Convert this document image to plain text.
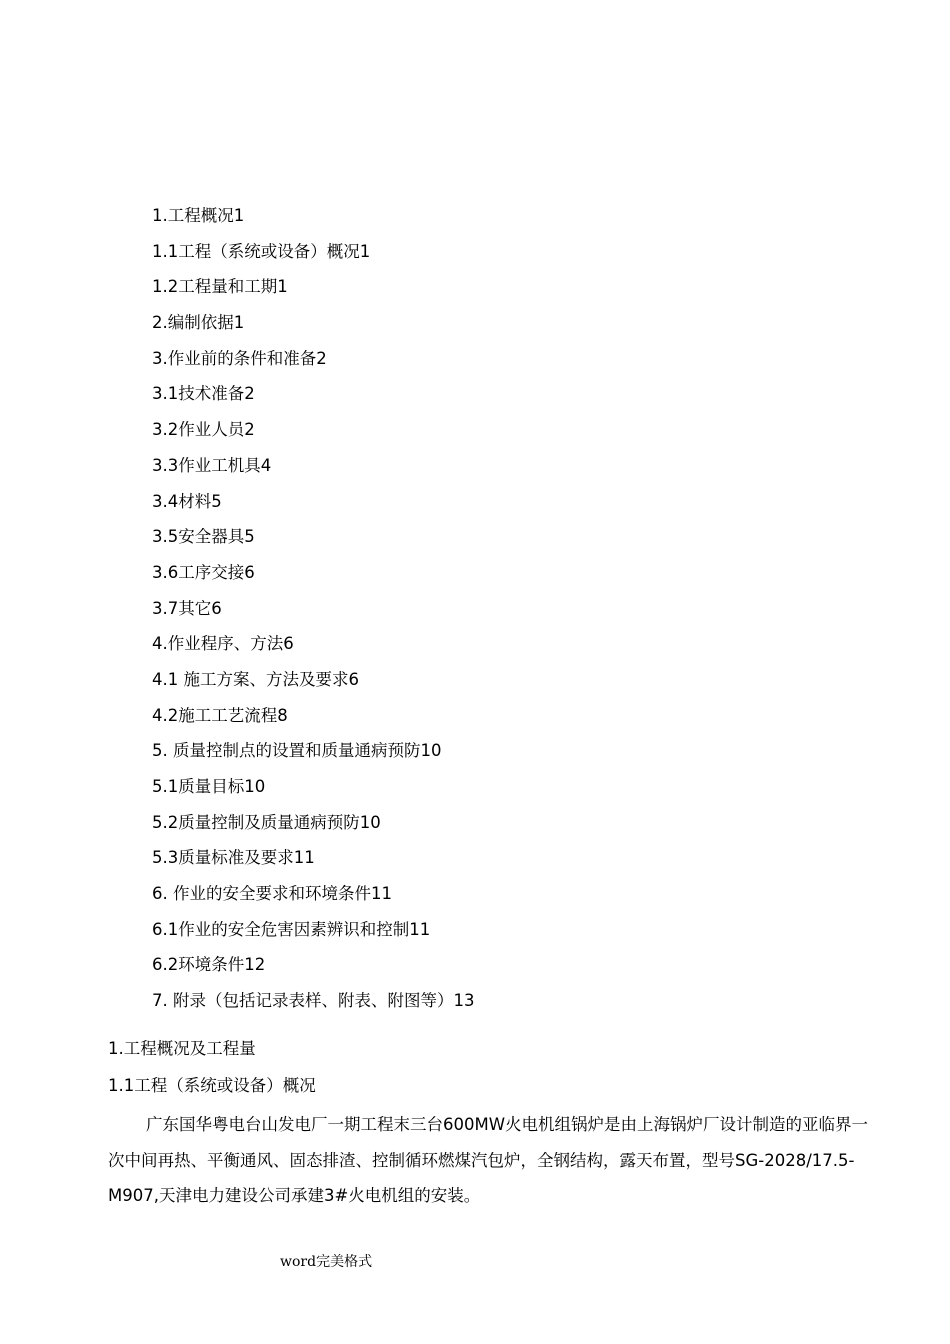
1.工程概况1
1.1工程（系统或设备）概况1
1.2工程量和工期1
2.编制依据1
3.作业前的条件和准备2
3.1技术准备2
3.2作业人员2
3.3作业工机具4
3.4材料5
3.5安全器具5
3.6工序交接6
3.7其它6
4.作业程序、方法6
4.1 施工方案、方法及要求6
4.2施工工艺流程8
5. 质量控制点的设置和质量通病预防10
5.1质量目标10
5.2质量控制及质量通病预防10
5.3质量标准及要求11
6. 作业的安全要求和环境条件11
6.1作业的安全危害因素辨识和控制11
6.2环境条件12
7. 附录（包括记录表样、附表、附图等）13
1.工程概况及工程量
1.1工程（系统或设备）概况
广东国华粤电台山发电厂一期工程末三台600MW火电机组锅炉是由上海锅炉厂设计制造的亚临界一
次中间再热、平衡通风、固态排渣、控制循环燃煤汽包炉，全钢结构，露天布置，型号SG-2028/17.5-
M907,天津电力建设公司承建3#火电机组的安装。
word完美格式
